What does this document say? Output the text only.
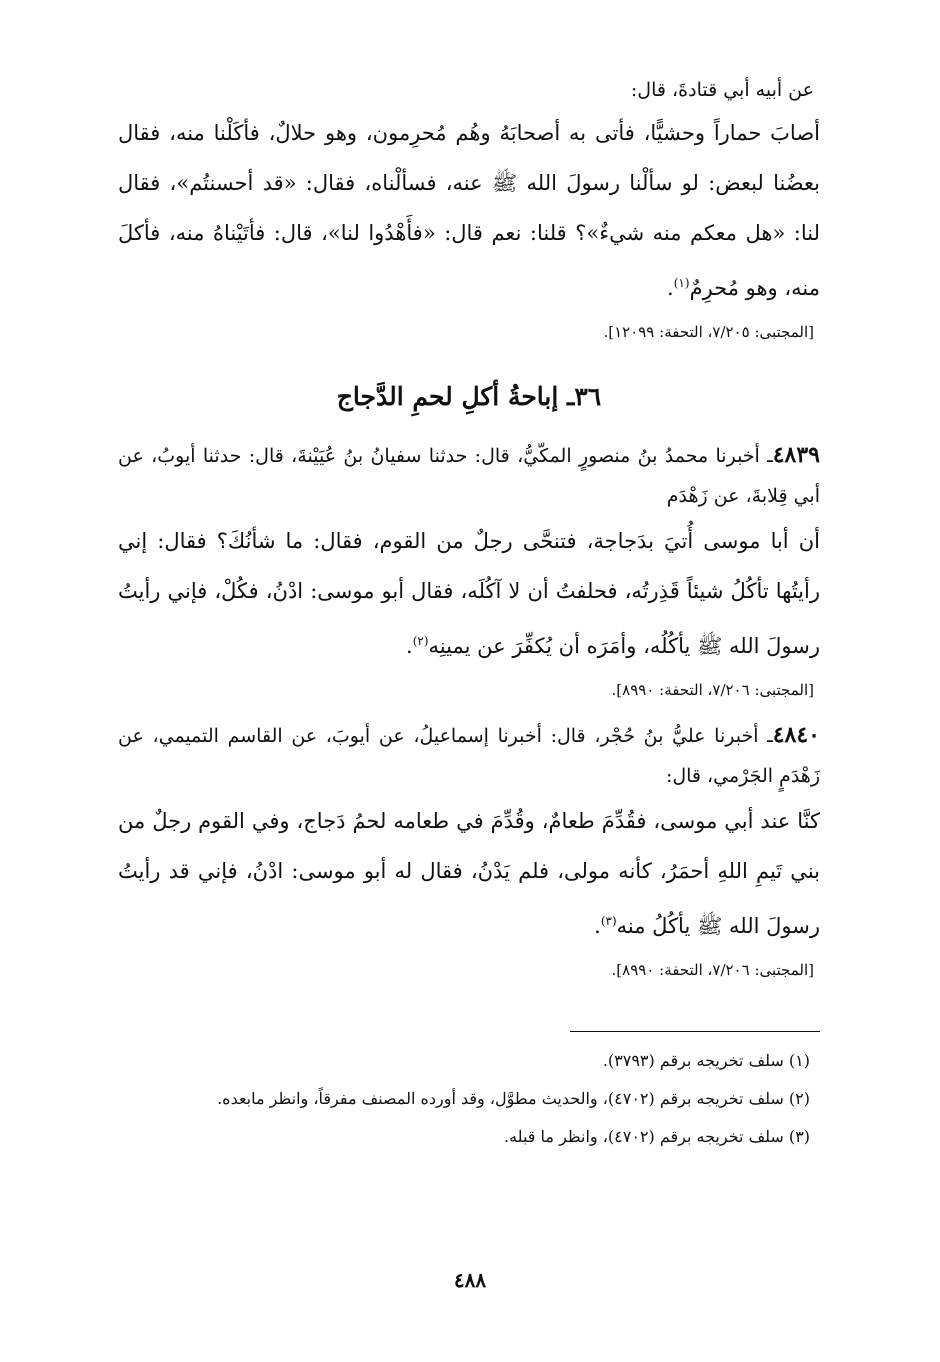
عن أبيه أبي قتادةَ، قال:

أصابَ حماراً وحشيًّا، فأتى به أصحابَهُ وهُم مُحرِمون، وهو حلالٌ، فأكَلْنا منه، فقال بعضُنا لبعض: لو سألْنا رسولَ الله ﷺ عنه، فسألْناه، فقال: «قد أحسنتُم»، فقال لنا: «هل معكم منه شيءٌ»؟ قلنا: نعم قال: «فأَهْدُوا لنا»، قال: فأتَيْناهُ منه، فأكلَ منه، وهو مُحرِمٌ$^{(١)}$.

[المجتبى: ٧/٢٠٥، التحفة: ١٢٠٩٩].

٣٦ـ إباحةُ أكلِ لحمِ الدَّجاج

٤٨٣٩ـ أخبرنا محمدُ بنُ منصورٍ المكّيُّ، قال: حدثنا سفيانُ بنُ عُيَيْنةَ، قال: حدثنا أيوبُ، عن أبي قِلابةَ، عن زَهْدَم

أن أبا موسى أُتيَ بدَجاجة، فتنحَّى رجلٌ من القوم، فقال: ما شأنُكَ؟ فقال: إني رأيتُها تأكُلُ شيئاً قَذِرتُه، فحلفتُ أن لا آكُلَه، فقال أبو موسى: ادْنُ، فكُلْ، فإني رأيتُ رسولَ الله ﷺ يأكُلُه، وأمَرَه أن يُكفِّرَ عن يمينِه$^{(٢)}$.

[المجتبى: ٧/٢٠٦، التحفة: ٨٩٩٠].

٤٨٤٠ـ أخبرنا عليُّ بنُ حُجْر، قال: أخبرنا إسماعيلُ، عن أيوبَ، عن القاسم التميمي، عن زَهْدَمٍ الجَرْمي، قال:

كنَّا عند أبي موسى، فقُدِّمَ طعامٌ، وقُدِّمَ في طعامه لحمُ دَجاج، وفي القوم رجلٌ من بني تَيمِ اللهِ أحمَرُ، كأنه مولى، فلم يَدْنُ، فقال له أبو موسى: ادْنُ، فإني قد رأيتُ رسولَ الله ﷺ يأكُلُ منه$^{(٣)}$.

[المجتبى: ٧/٢٠٦، التحفة: ٨٩٩٠].

(١) سلف تخريجه برقم (٣٧٩٣).

(٢) سلف تخريجه برقم (٤٧٠٢)، والحديث مطوَّل، وقد أورده المصنف مفرقاً، وانظر مابعده.

(٣) سلف تخريجه برقم (٤٧٠٢)، وانظر ما قبله.

٤٨٨
